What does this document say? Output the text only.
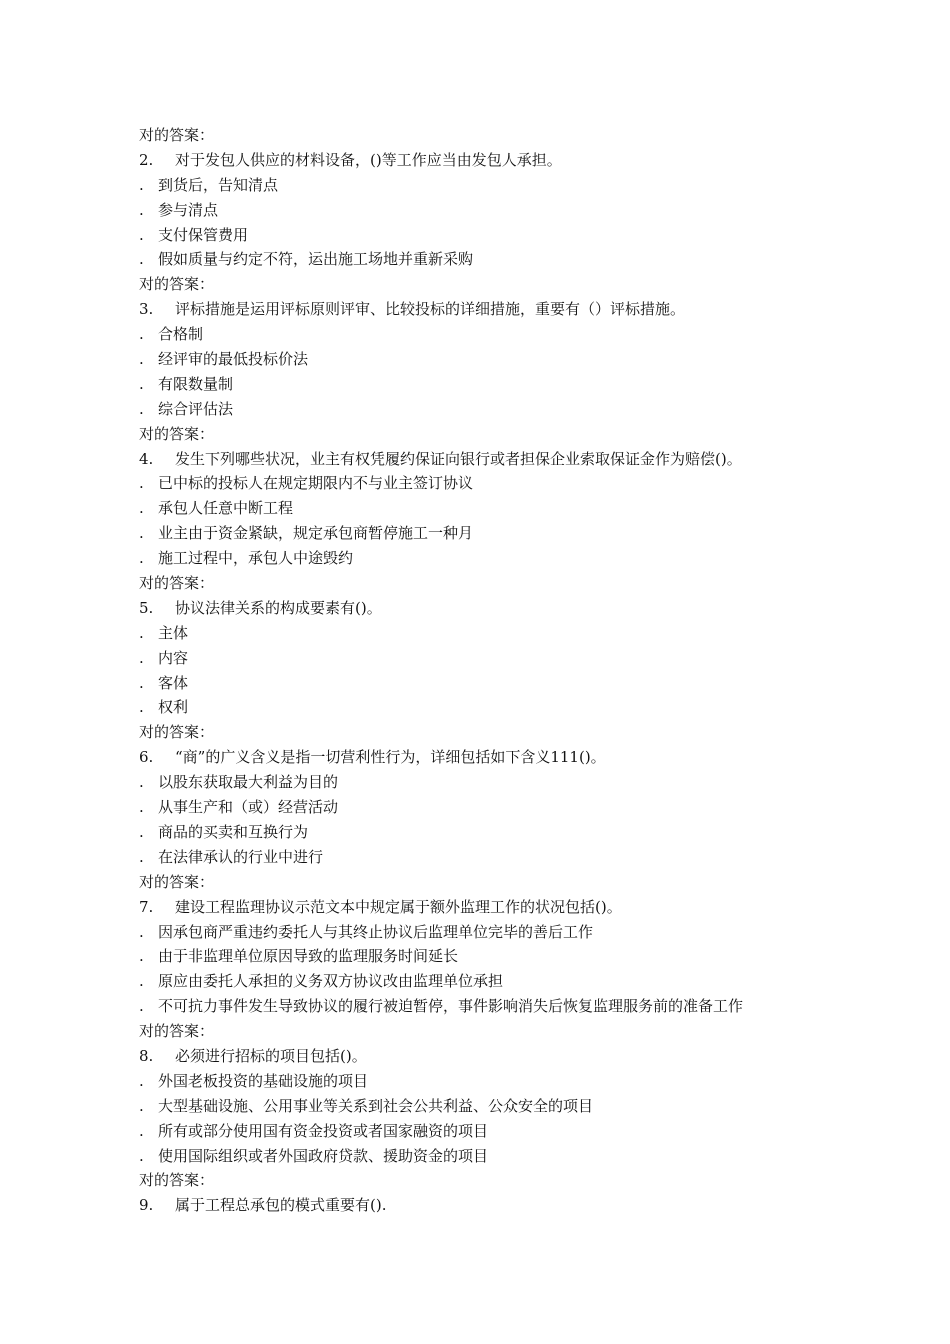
对的答案：
2. 对于发包人供应的材料设备，()等工作应当由发包人承担。
. 到货后，告知清点
. 参与清点
. 支付保管费用
. 假如质量与约定不符，运出施工场地并重新采购
对的答案：
3. 评标措施是运用评标原则评审、比较投标的详细措施，重要有（）评标措施。
. 合格制
. 经评审的最低投标价法
. 有限数量制
. 综合评估法
对的答案：
4. 发生下列哪些状况，业主有权凭履约保证向银行或者担保企业索取保证金作为赔偿()。
. 已中标的投标人在规定期限内不与业主签订协议
. 承包人任意中断工程
. 业主由于资金紧缺，规定承包商暂停施工一种月
. 施工过程中，承包人中途毁约
对的答案：
5. 协议法律关系的构成要素有()。
. 主体
. 内容
. 客体
. 权利
对的答案：
6. “商”的广义含义是指一切营利性行为，详细包括如下含义111()。
. 以股东获取最大利益为目的
. 从事生产和（或）经营活动
. 商品的买卖和互换行为
. 在法律承认的行业中进行
对的答案：
7. 建设工程监理协议示范文本中规定属于额外监理工作的状况包括()。
. 因承包商严重违约委托人与其终止协议后监理单位完毕的善后工作
. 由于非监理单位原因导致的监理服务时间延长
. 原应由委托人承担的义务双方协议改由监理单位承担
. 不可抗力事件发生导致协议的履行被迫暂停，事件影响消失后恢复监理服务前的准备工作
对的答案：
8. 必须进行招标的项目包括()。
. 外国老板投资的基础设施的项目
. 大型基础设施、公用事业等关系到社会公共利益、公众安全的项目
. 所有或部分使用国有资金投资或者国家融资的项目
. 使用国际组织或者外国政府贷款、援助资金的项目
对的答案：
9. 属于工程总承包的模式重要有().
